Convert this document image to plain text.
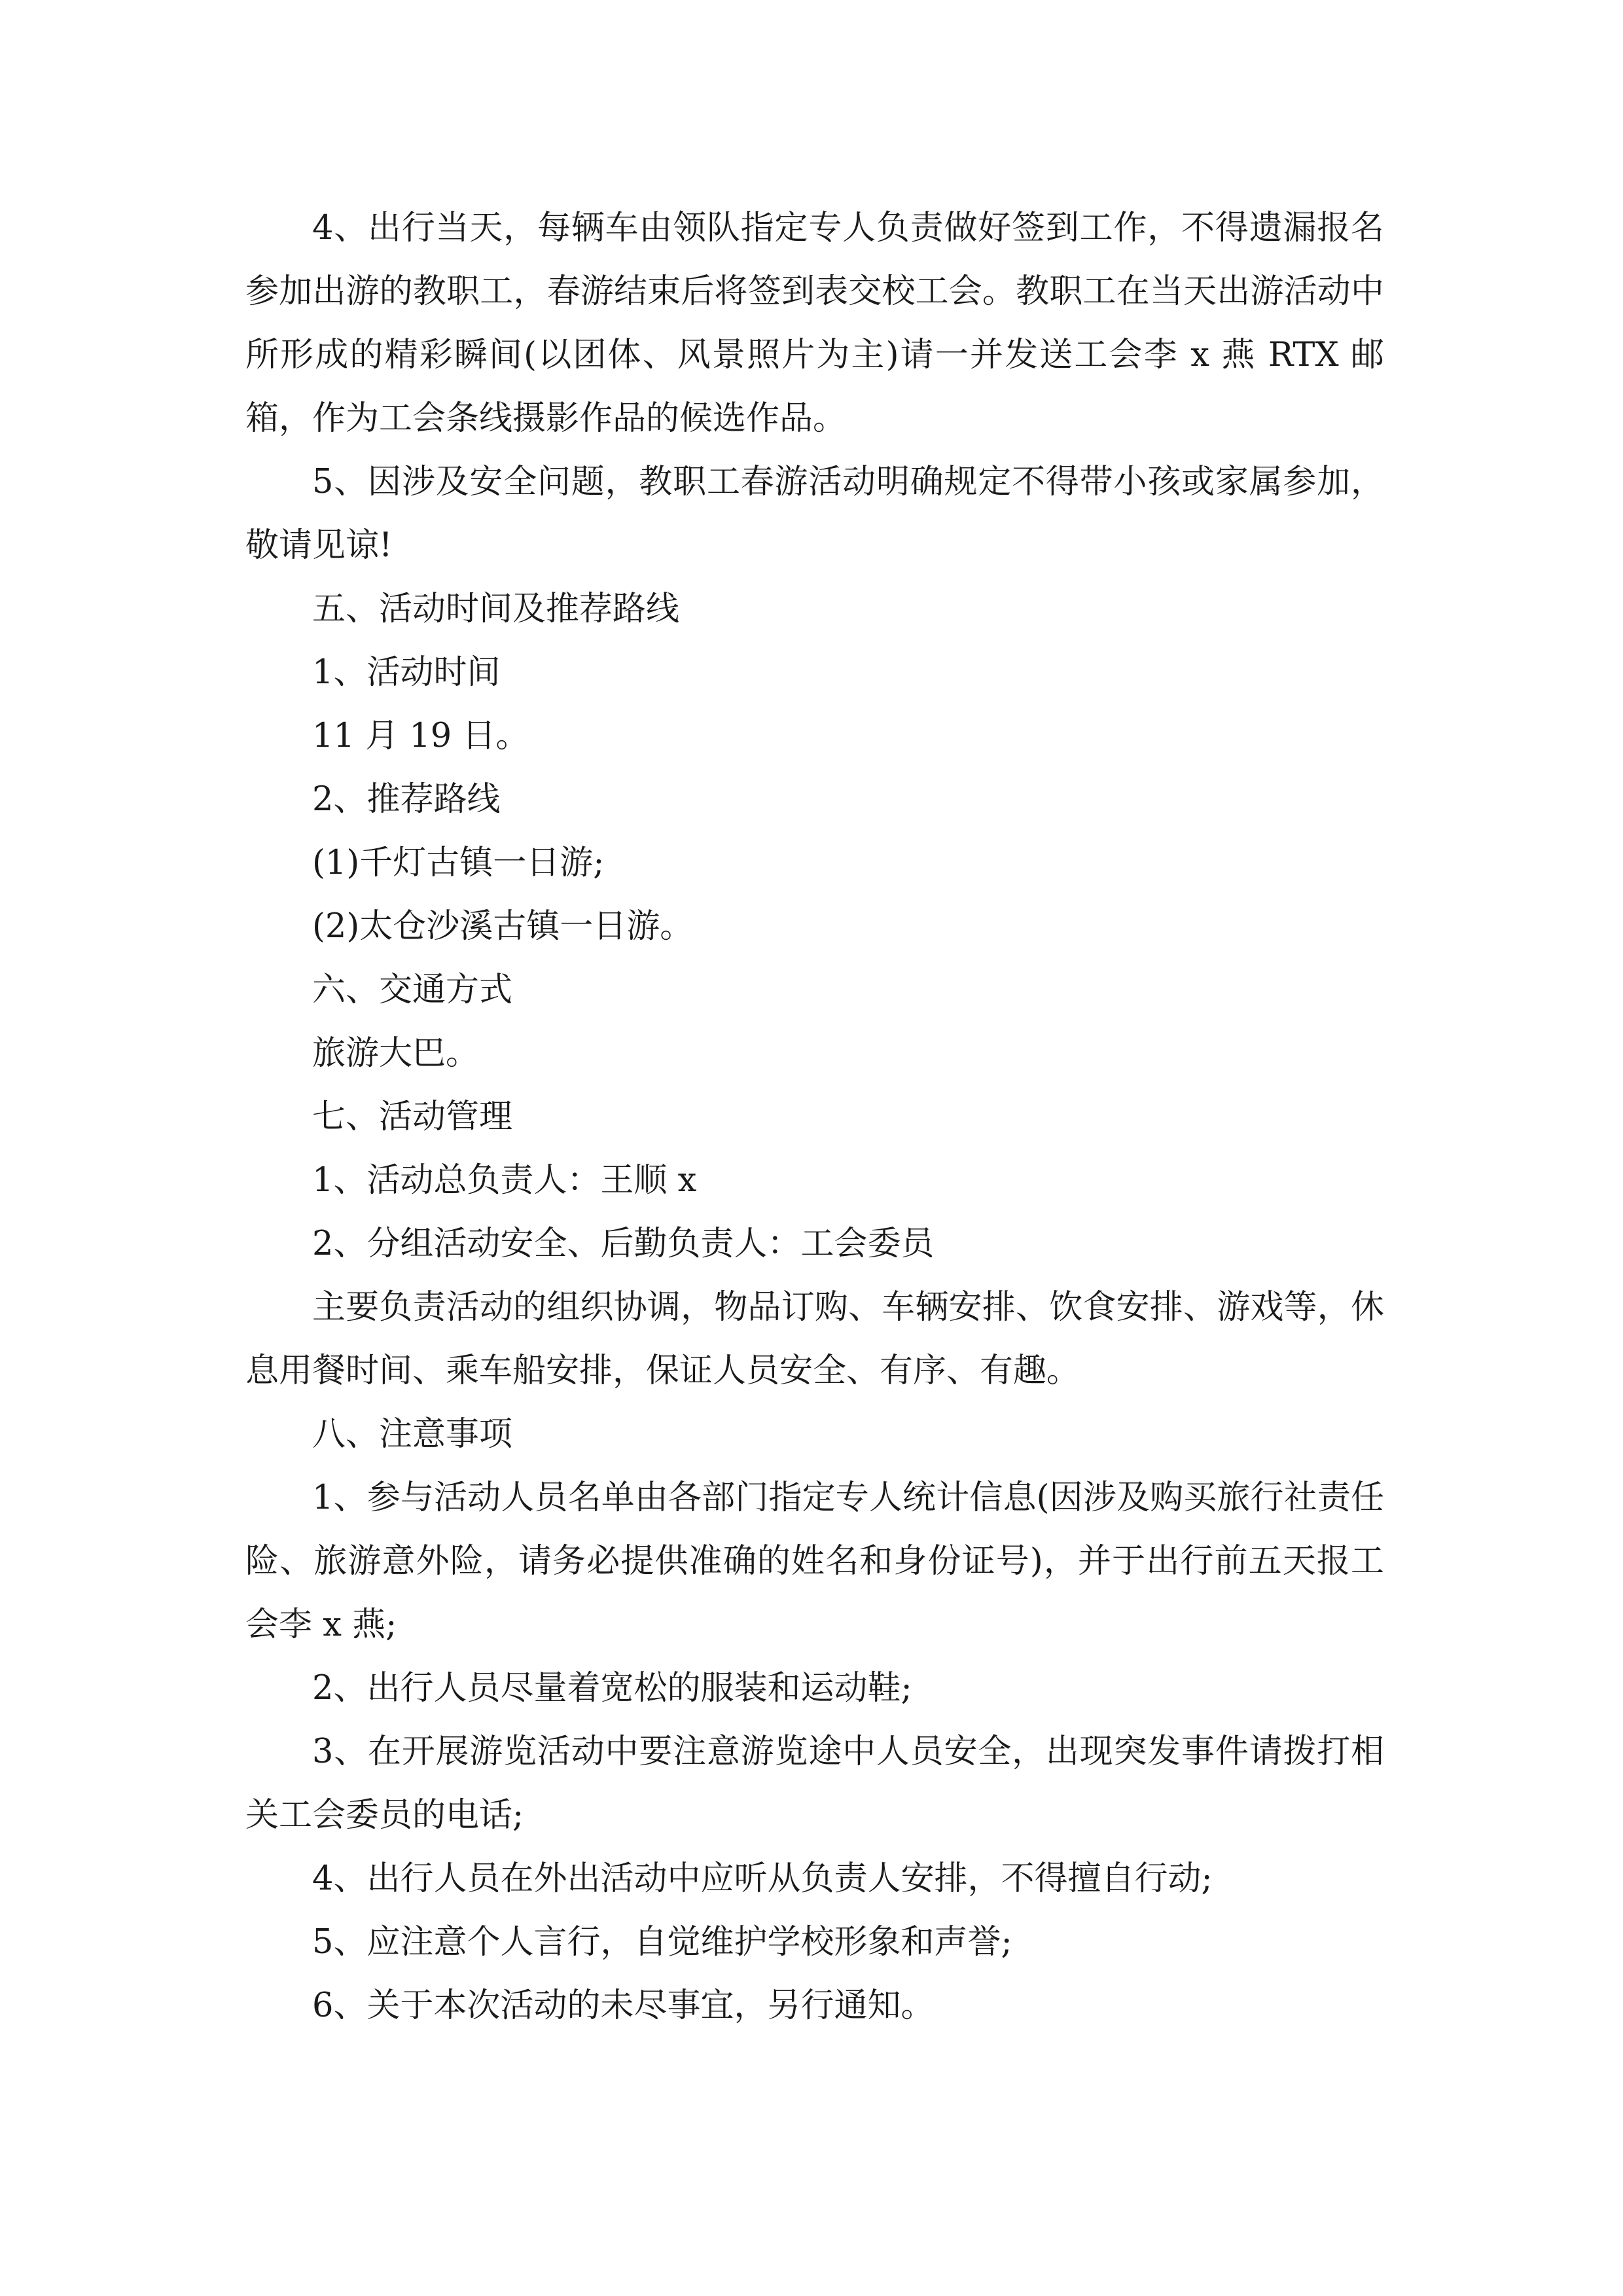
4、出行当天，每辆车由领队指定专人负责做好签到工作，不得遗漏报名参加出游的教职工，春游结束后将签到表交校工会。教职工在当天出游活动中所形成的精彩瞬间(以团体、风景照片为主)请一并发送工会李 x 燕 RTX 邮箱，作为工会条线摄影作品的候选作品。

5、因涉及安全问题，教职工春游活动明确规定不得带小孩或家属参加，敬请见谅!

五、活动时间及推荐路线

1、活动时间

11 月 19 日。

2、推荐路线

(1)千灯古镇一日游;

(2)太仓沙溪古镇一日游。

六、交通方式

旅游大巴。

七、活动管理

1、活动总负责人：王顺 x

2、分组活动安全、后勤负责人：工会委员

主要负责活动的组织协调，物品订购、车辆安排、饮食安排、游戏等，休息用餐时间、乘车船安排，保证人员安全、有序、有趣。

八、注意事项

1、参与活动人员名单由各部门指定专人统计信息(因涉及购买旅行社责任险、旅游意外险，请务必提供准确的姓名和身份证号)，并于出行前五天报工会李 x 燕;

2、出行人员尽量着宽松的服装和运动鞋;

3、在开展游览活动中要注意游览途中人员安全，出现突发事件请拨打相关工会委员的电话;

4、出行人员在外出活动中应听从负责人安排，不得擅自行动;

5、应注意个人言行，自觉维护学校形象和声誉;

6、关于本次活动的未尽事宜，另行通知。
